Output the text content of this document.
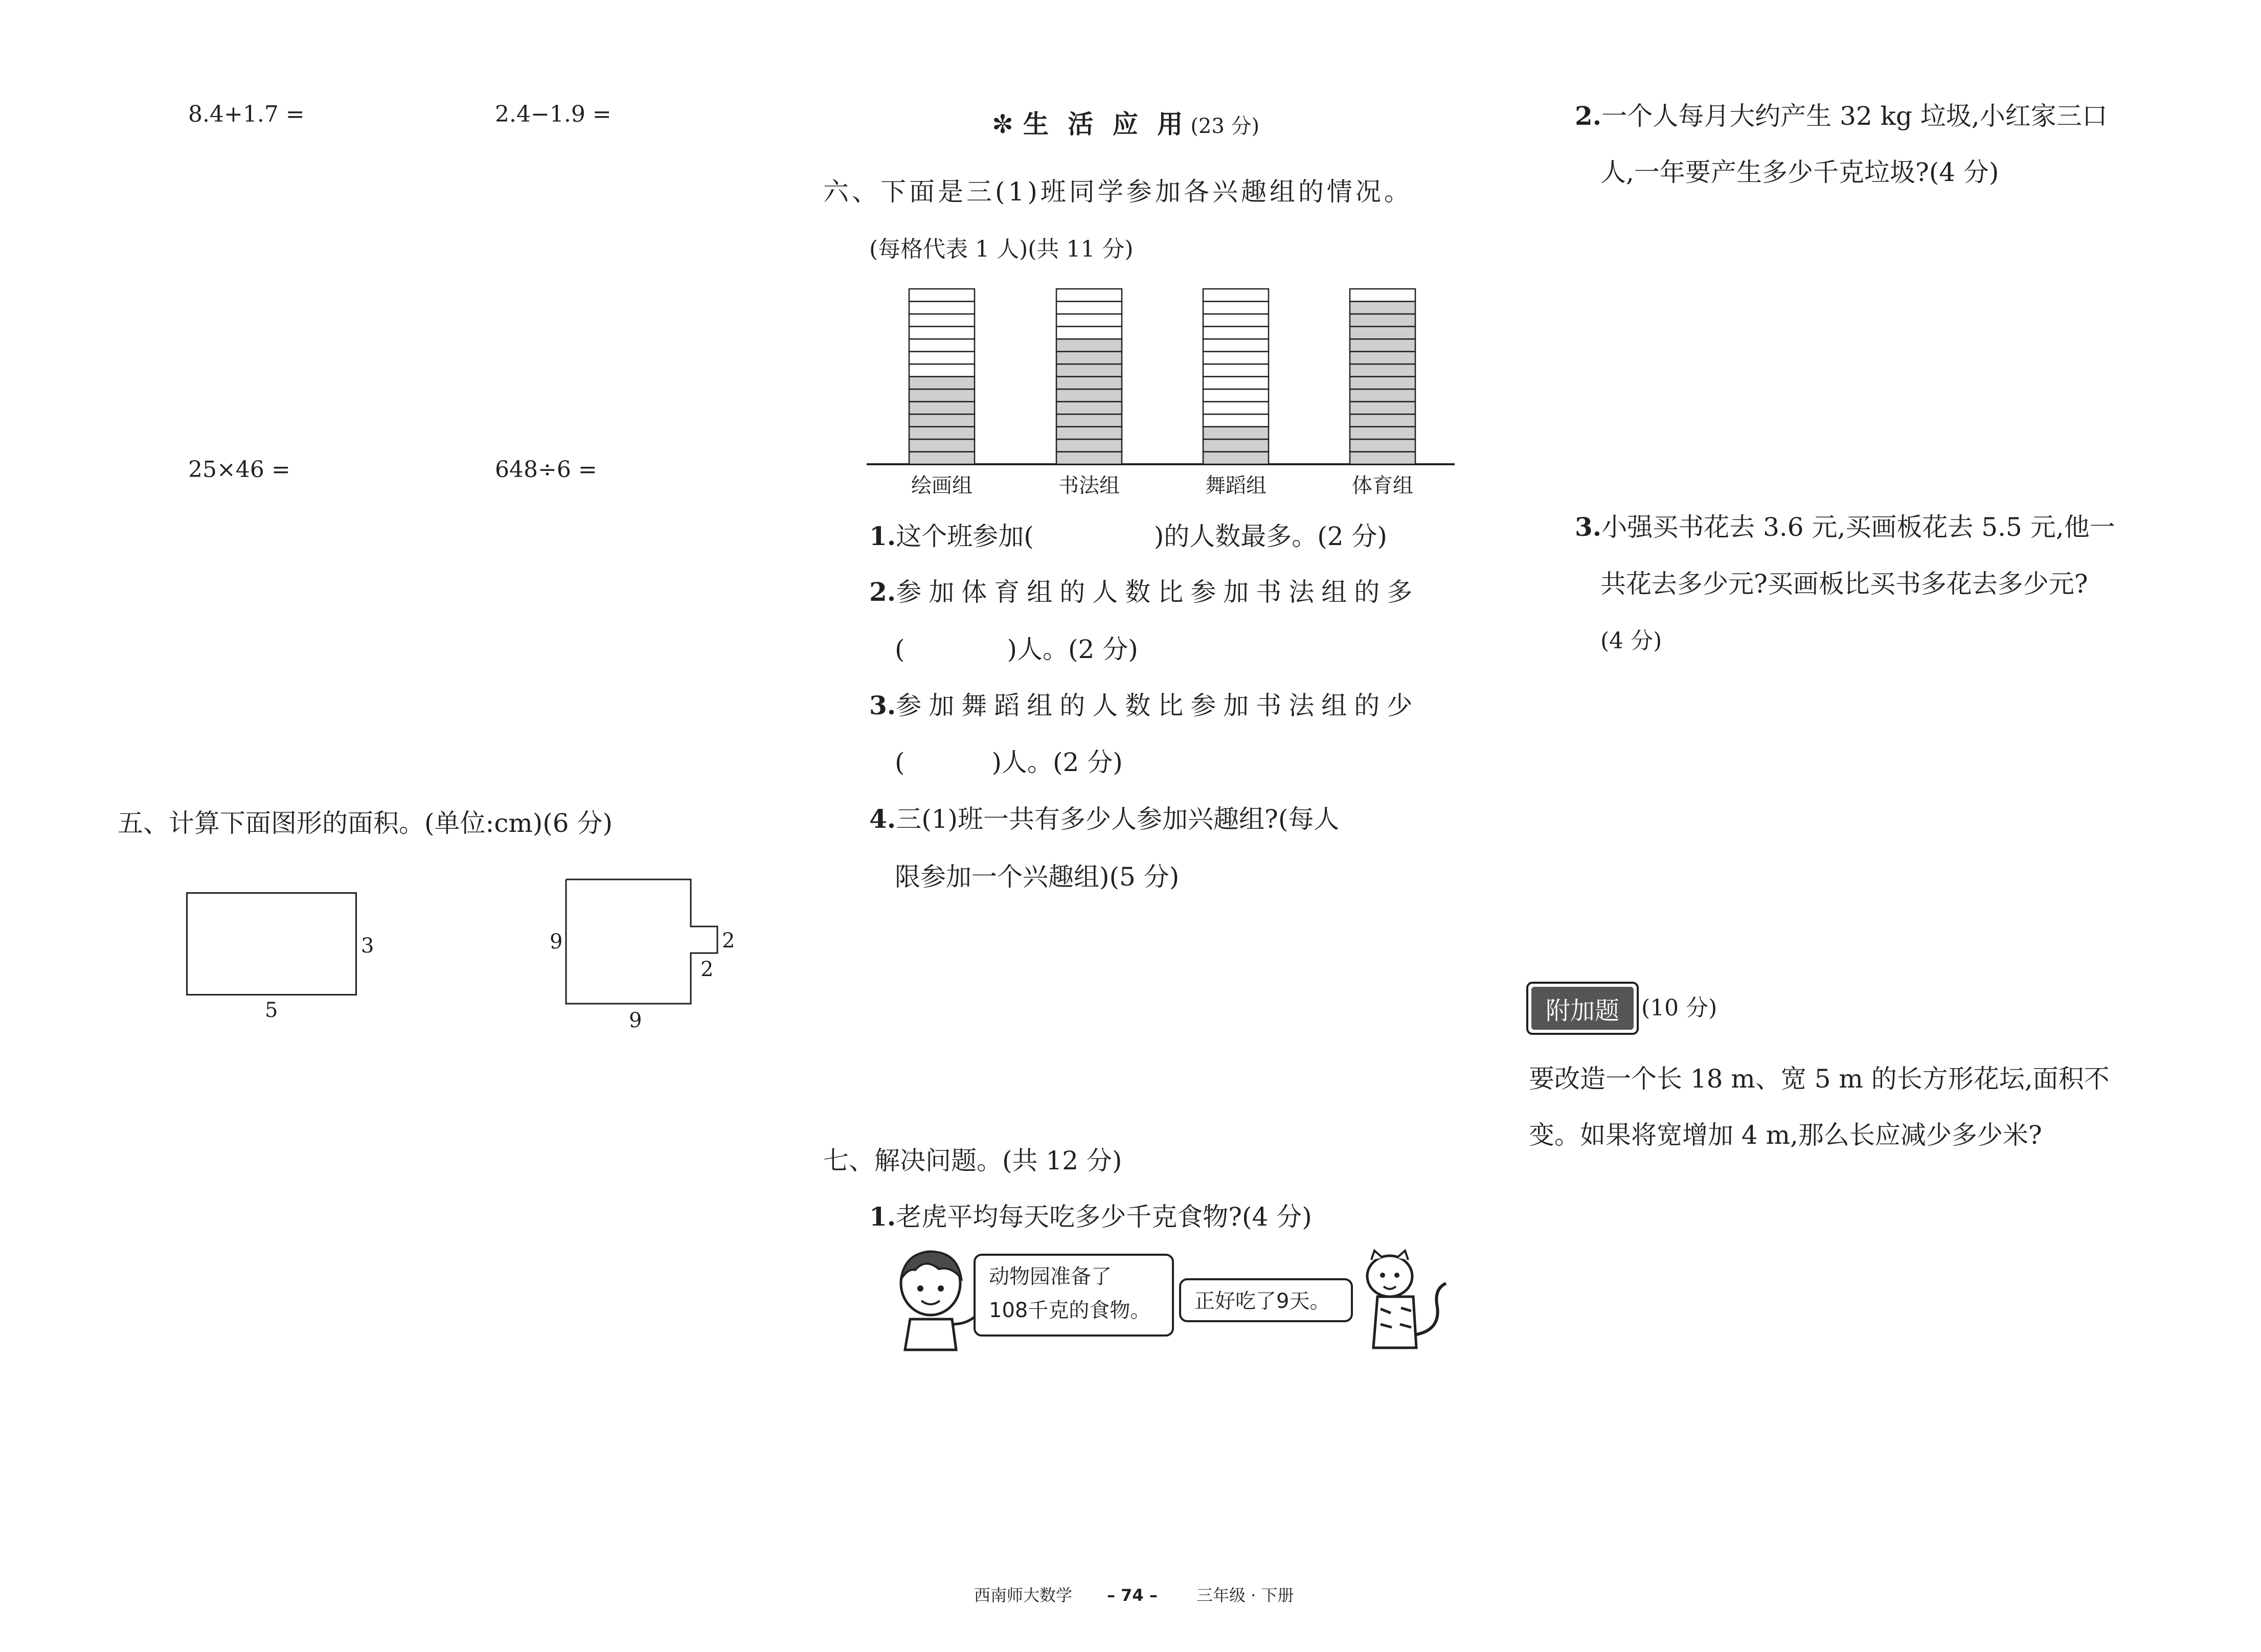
8.4+1.7 =	2.4−1.9 =
25×46 =	648÷6 =
五、计算下面图形的面积。(单位:cm)(6 分)
3
5
9	2
2
9
✼ 生 活 应 用 (23 分)
六、下面是三(1)班同学参加各兴趣组的情况。
(每格代表 1 人)(共 11 分)
绘画组	书法组	舞蹈组	体育组
1.这个班参加(	)的人数最多。(2 分)
2.参加体育组的人数比参加书法组的多
(	)人。(2 分)
3.参加舞蹈组的人数比参加书法组的少
(	)人。(2 分)
4.三(1)班一共有多少人参加兴趣组?(每人
限参加一个兴趣组)(5 分)
七、解决问题。(共 12 分)
1.老虎平均每天吃多少千克食物?(4 分)
动物园准备了
108千克的食物。	正好吃了9天。
2.一个人每月大约产生 32 kg 垃圾,小红家三口
人,一年要产生多少千克垃圾?(4 分)
3.小强买书花去 3.6 元,买画板花去 5.5 元,他一
共花去多少元?买画板比买书多花去多少元?
(4 分)
附加题 (10 分)
要改造一个长 18 m、宽 5 m 的长方形花坛,面积不
变。如果将宽增加 4 m,那么长应减少多少米?
西南师大数学 – 74 – 三年级 · 下册
